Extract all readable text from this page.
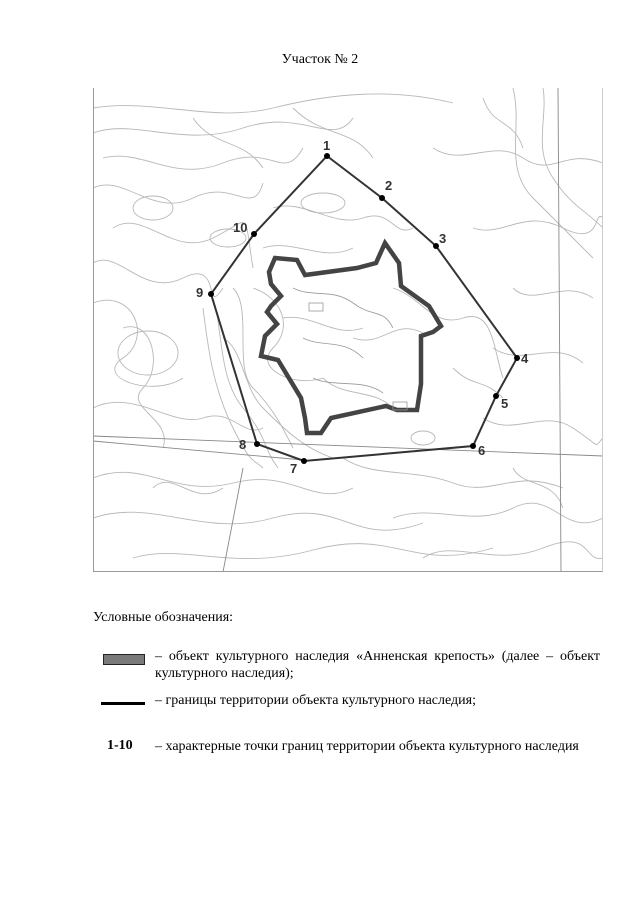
Участок № 2
1
2
3
4
5
6
7
8
9
10
Условные обозначения:
– объект культурного наследия «Анненская крепость» (далее – объект культурного наследия);
– границы территории объекта культурного наследия;
1-10	– характерные точки границ территории объекта культурного наследия
